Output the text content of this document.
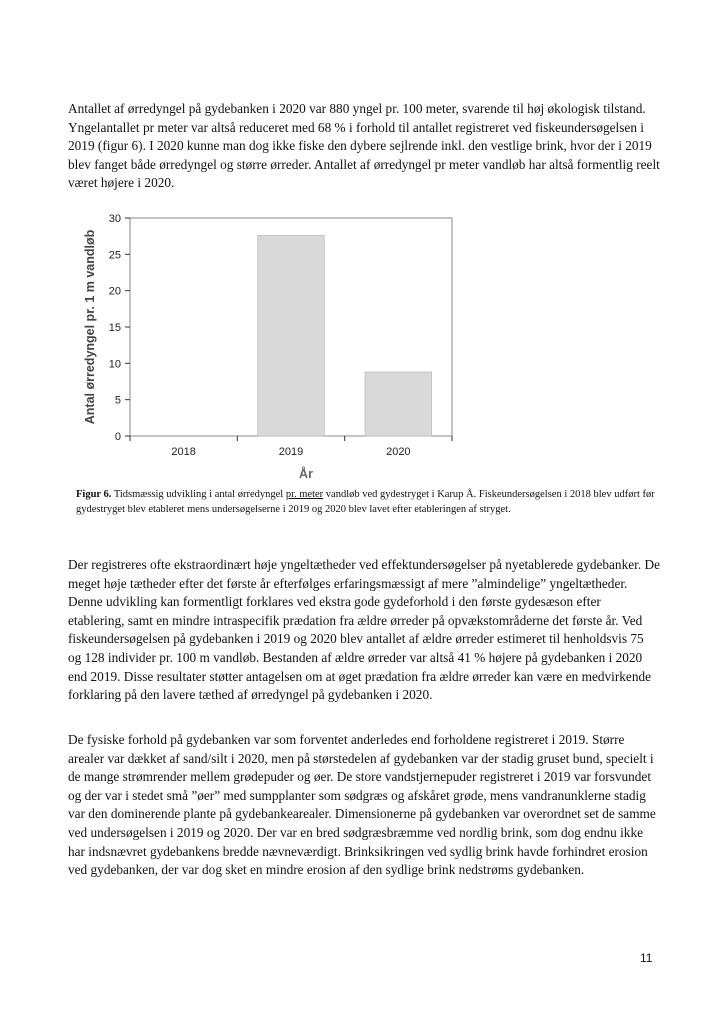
Antallet af ørredyngel på gydebanken i 2020 var 880 yngel pr. 100 meter, svarende til høj økologisk tilstand. Yngelantallet pr meter var altså reduceret med 68 % i forhold til antallet registreret ved fiskeundersøgelsen i 2019 (figur 6). I 2020 kunne man dog ikke fiske den dybere sejlrende inkl. den vestlige brink, hvor der i 2019 blev fanget både ørredyngel og større ørreder. Antallet af ørredyngel pr meter vandløb har altså formentlig reelt været højere i 2020.

Antal ørredyngel pr. 1 m vandløb
År
0
5
10
15
20
25
30
2018	2019	2020
Figur 6. Tidsmæssig udvikling i antal ørredyngel pr. meter vandløb ved gydestryget i Karup Å. Fiskeundersøgelsen i 2018 blev udført før gydestryget blev etableret mens undersøgelserne i 2019 og 2020 blev lavet efter etableringen af stryget.

Der registreres ofte ekstraordinært høje yngeltætheder ved effektundersøgelser på nyetablerede gydebanker. De meget høje tætheder efter det første år efterfølges erfaringsmæssigt af mere ”almindelige” yngeltætheder. Denne udvikling kan formentligt forklares ved ekstra gode gydeforhold i den første gydesæson efter etablering, samt en mindre intraspecifik prædation fra ældre ørreder på opvækstområderne det første år. Ved fiskeundersøgelsen på gydebanken i 2019 og 2020 blev antallet af ældre ørreder estimeret til henholdsvis 75 og 128 individer pr. 100 m vandløb. Bestanden af ældre ørreder var altså 41 % højere på gydebanken i 2020 end 2019. Disse resultater støtter antagelsen om at øget prædation fra ældre ørreder kan være en medvirkende forklaring på den lavere tæthed af ørredyngel på gydebanken i 2020.

De fysiske forhold på gydebanken var som forventet anderledes end forholdene registreret i 2019. Større arealer var dækket af sand/silt i 2020, men på størstedelen af gydebanken var der stadig gruset bund, specielt i de mange strømrender mellem grødepuder og øer. De store vandstjernepuder registreret i 2019 var forsvundet og der var i stedet små ”øer” med sumpplanter som sødgræs og afskåret grøde, mens vandranunklerne stadig var den dominerende plante på gydebankearealer. Dimensionerne på gydebanken var overordnet set de samme ved undersøgelsen i 2019 og 2020. Der var en bred sødgræsbræmme ved nordlig brink, som dog endnu ikke har indsnævret gydebankens bredde nævneværdigt. Brinksikringen ved sydlig brink havde forhindret erosion ved gydebanken, der var dog sket en mindre erosion af den sydlige brink nedstrøms gydebanken.

11
